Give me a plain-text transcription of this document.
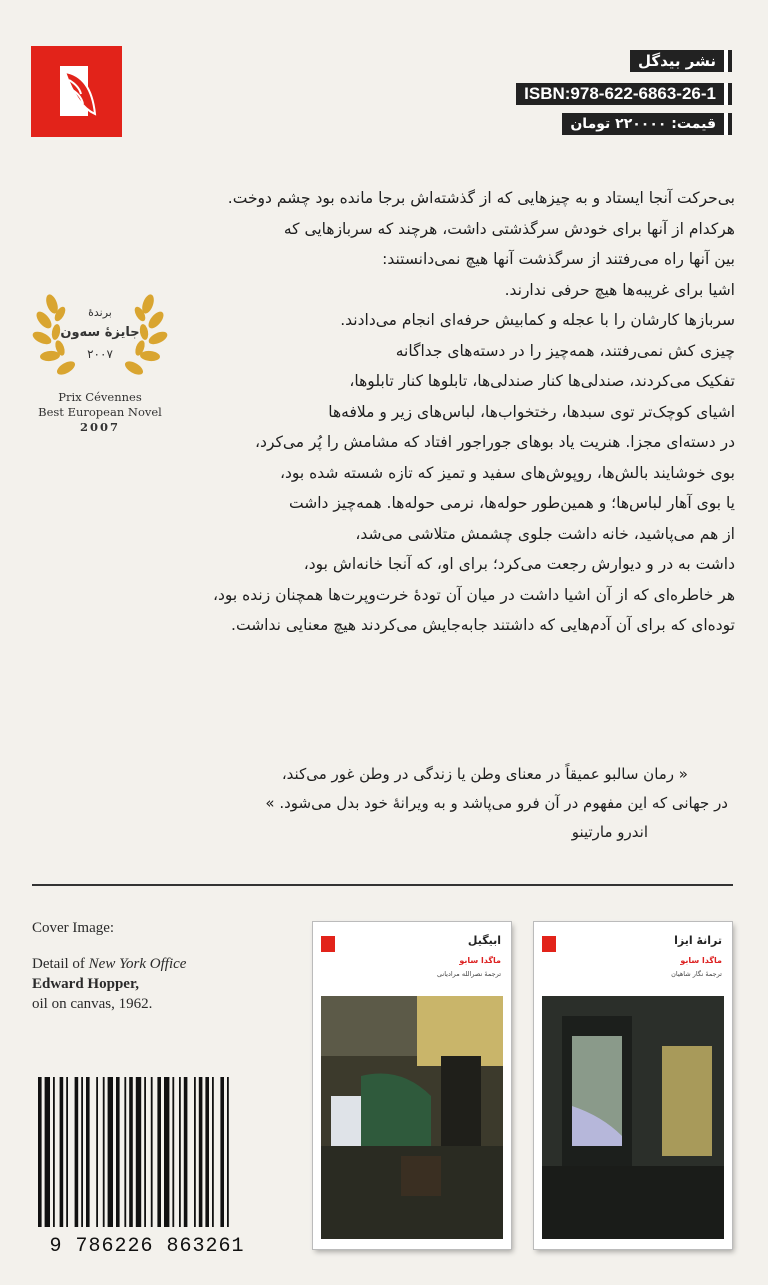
نشر بیدگل
ISBN:978-622-6863-26-1
قیمت: ۲۲۰۰۰۰ تومان
بی‌حرکت آنجا ایستاد و به چیزهایی که از گذشته‌اش برجا مانده بود چشم دوخت.
هرکدام از آنها برای خودش سرگذشتی داشت، هرچند که سربازهایی که
بین آنها راه می‌رفتند از سرگذشت آنها هیچ نمی‌دانستند:
اشیا برای غریبه‌ها هیچ حرفی ندارند.
سربازها کارشان را با عجله و کمابیش حرفه‌ای انجام می‌دادند.
چیزی کش نمی‌رفتند، همه‌چیز را در دسته‌های جداگانه
تفکیک می‌کردند، صندلی‌ها کنار صندلی‌ها، تابلوها کنار تابلوها،
اشیای کوچک‌تر توی سبدها، رختخواب‌ها، لباس‌های زیر و ملافه‌ها
در دسته‌ای مجزا. هنریت یاد بوهای جوراجور افتاد که مشامش را پُر می‌کرد،
بوی خوشایند بالش‌ها، روپوش‌های سفید و تمیز که تازه شسته شده بود،
یا بوی آهار لباس‌ها؛ و همین‌طور حوله‌ها، نرمی حوله‌ها. همه‌چیز داشت
از هم می‌پاشید، خانه داشت جلوی چشمش متلاشی می‌شد،
داشت به در و دیوارش رجعت می‌کرد؛ برای او، که آنجا خانه‌اش بود،
هر خاطره‌ای که از آن اشیا داشت در میان آن تودهٔ خرت‌وپرت‌ها همچنان زنده بود،
توده‌ای که برای آن آدم‌هایی که داشتند جابه‌جایش می‌کردند هیچ معنایی نداشت.
برندهٔ
جایزهٔ سه‌ون
۲۰۰۷
Prix Cévennes
Best European Novel
2007
« رمان سالبو عمیقاً در معنای وطن یا زندگی در وطن غور می‌کند،
در جهانی که این مفهوم در آن فرو می‌پاشد و به ویرانهٔ خود بدل می‌شود. »
اندرو مارتینو
Cover Image:
Detail of New York Office
Edward Hopper,
oil on canvas, 1962.
9 786226 863261
ابیگیل
ماگدا سابو
ترجمهٔ نصرالله مرادیانی
ترانهٔ ایزا
ماگدا سابو
ترجمهٔ نگار شاهیان
